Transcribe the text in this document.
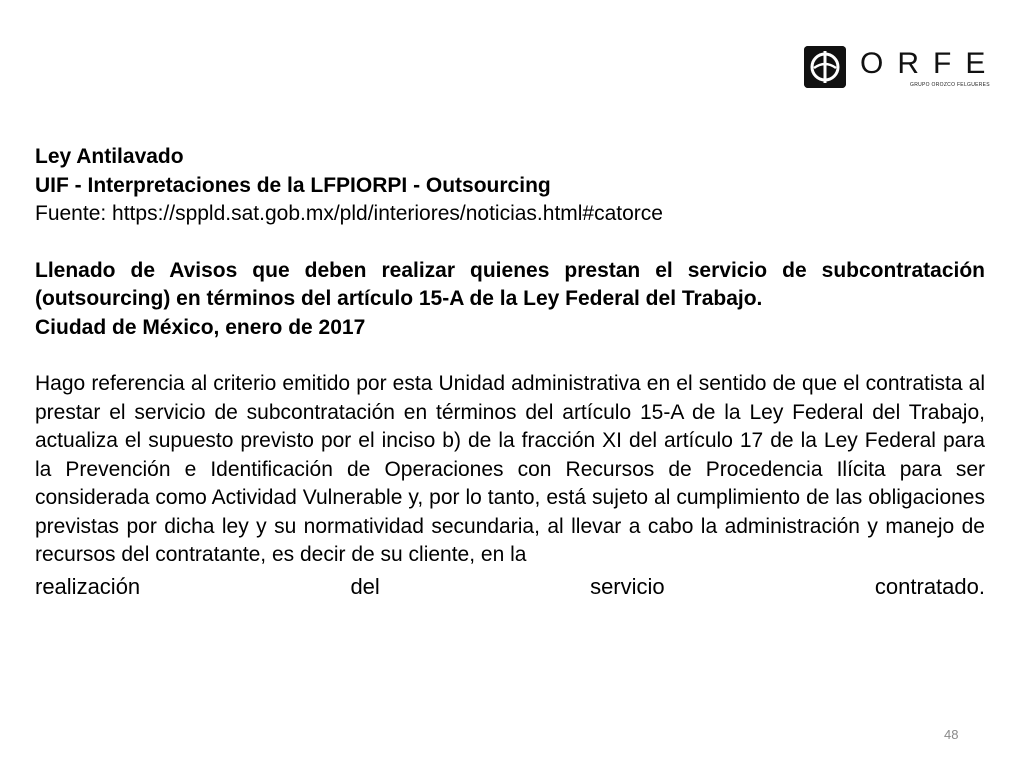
ORFE
GRUPO OROZCO FELGUERES

Ley Antilavado

UIF - Interpretaciones de la LFPIORPI - Outsourcing

Fuente: https://sppld.sat.gob.mx/pld/interiores/noticias.html#catorce

Llenado de Avisos que deben realizar quienes prestan el servicio de subcontratación (outsourcing) en términos del artículo 15-A de la Ley Federal del Trabajo.

Ciudad de México, enero de 2017

Hago referencia al criterio emitido por esta Unidad administrativa en el sentido de que el contratista al prestar el servicio de subcontratación en términos del artículo 15-A de la Ley Federal del Trabajo, actualiza el supuesto previsto por el inciso b) de la fracción XI del artículo 17 de la Ley Federal para la Prevención e Identificación de Operaciones con Recursos de Procedencia Ilícita para ser considerada como Actividad Vulnerable y, por lo tanto, está sujeto al cumplimiento de las obligaciones previstas por dicha ley y su normatividad secundaria, al llevar a cabo la administración y manejo de recursos del contratante, es decir de su cliente, en la

realización	del	servicio	contratado.
48
